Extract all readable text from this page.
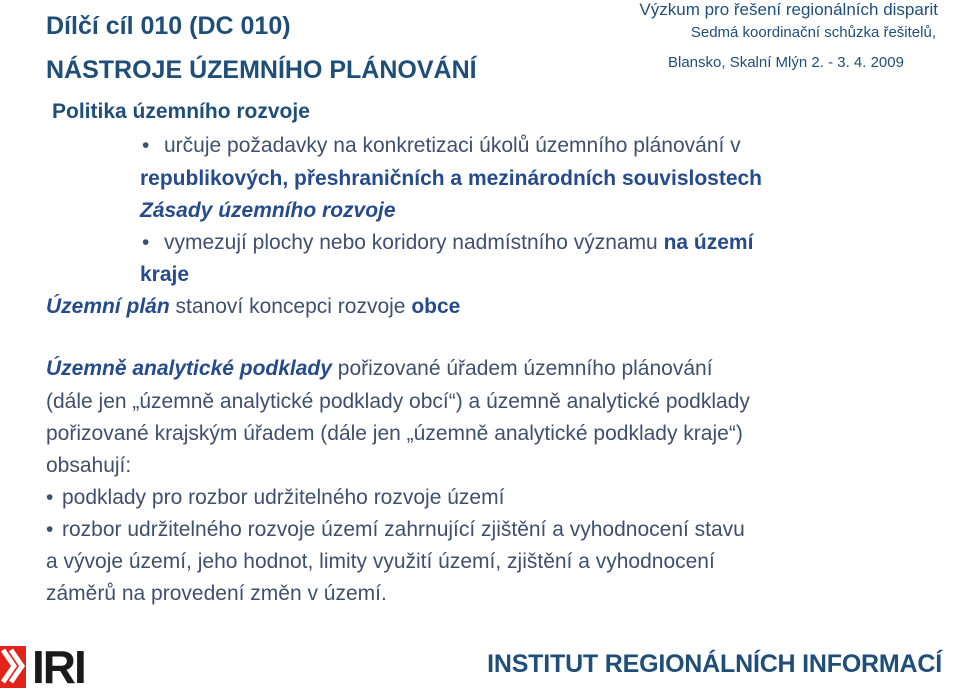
Dílčí cíl 010 (DC 010)
NÁSTROJE ÚZEMNÍHO PLÁNOVÁNÍ
Výzkum pro řešení regionálních disparit
Sedmá koordinační schůzka řešitelů,
Blansko, Skalní Mlýn 2. - 3. 4. 2009
Politika územního rozvoje
• určuje požadavky na konkretizaci úkolů územního plánování v
republikových, přeshraničních a mezinárodních souvislostech
Zásady územního rozvoje
• vymezují plochy nebo koridory nadmístního významu na území
kraje
Územní plán stanoví koncepci rozvoje obce
Územně analytické podklady pořizované úřadem územního plánování
(dále jen „územně analytické podklady obcí“) a územně analytické podklady
pořizované krajským úřadem (dále jen „územně analytické podklady kraje“)
obsahují:
• podklady pro rozbor udržitelného rozvoje území
• rozbor udržitelného rozvoje území zahrnující zjištění a vyhodnocení stavu
a vývoje území, jeho hodnot, limity využití území, zjištění a vyhodnocení
záměrů na provedení změn v území.
IRI	INSTITUT REGIONÁLNÍCH INFORMACÍ
